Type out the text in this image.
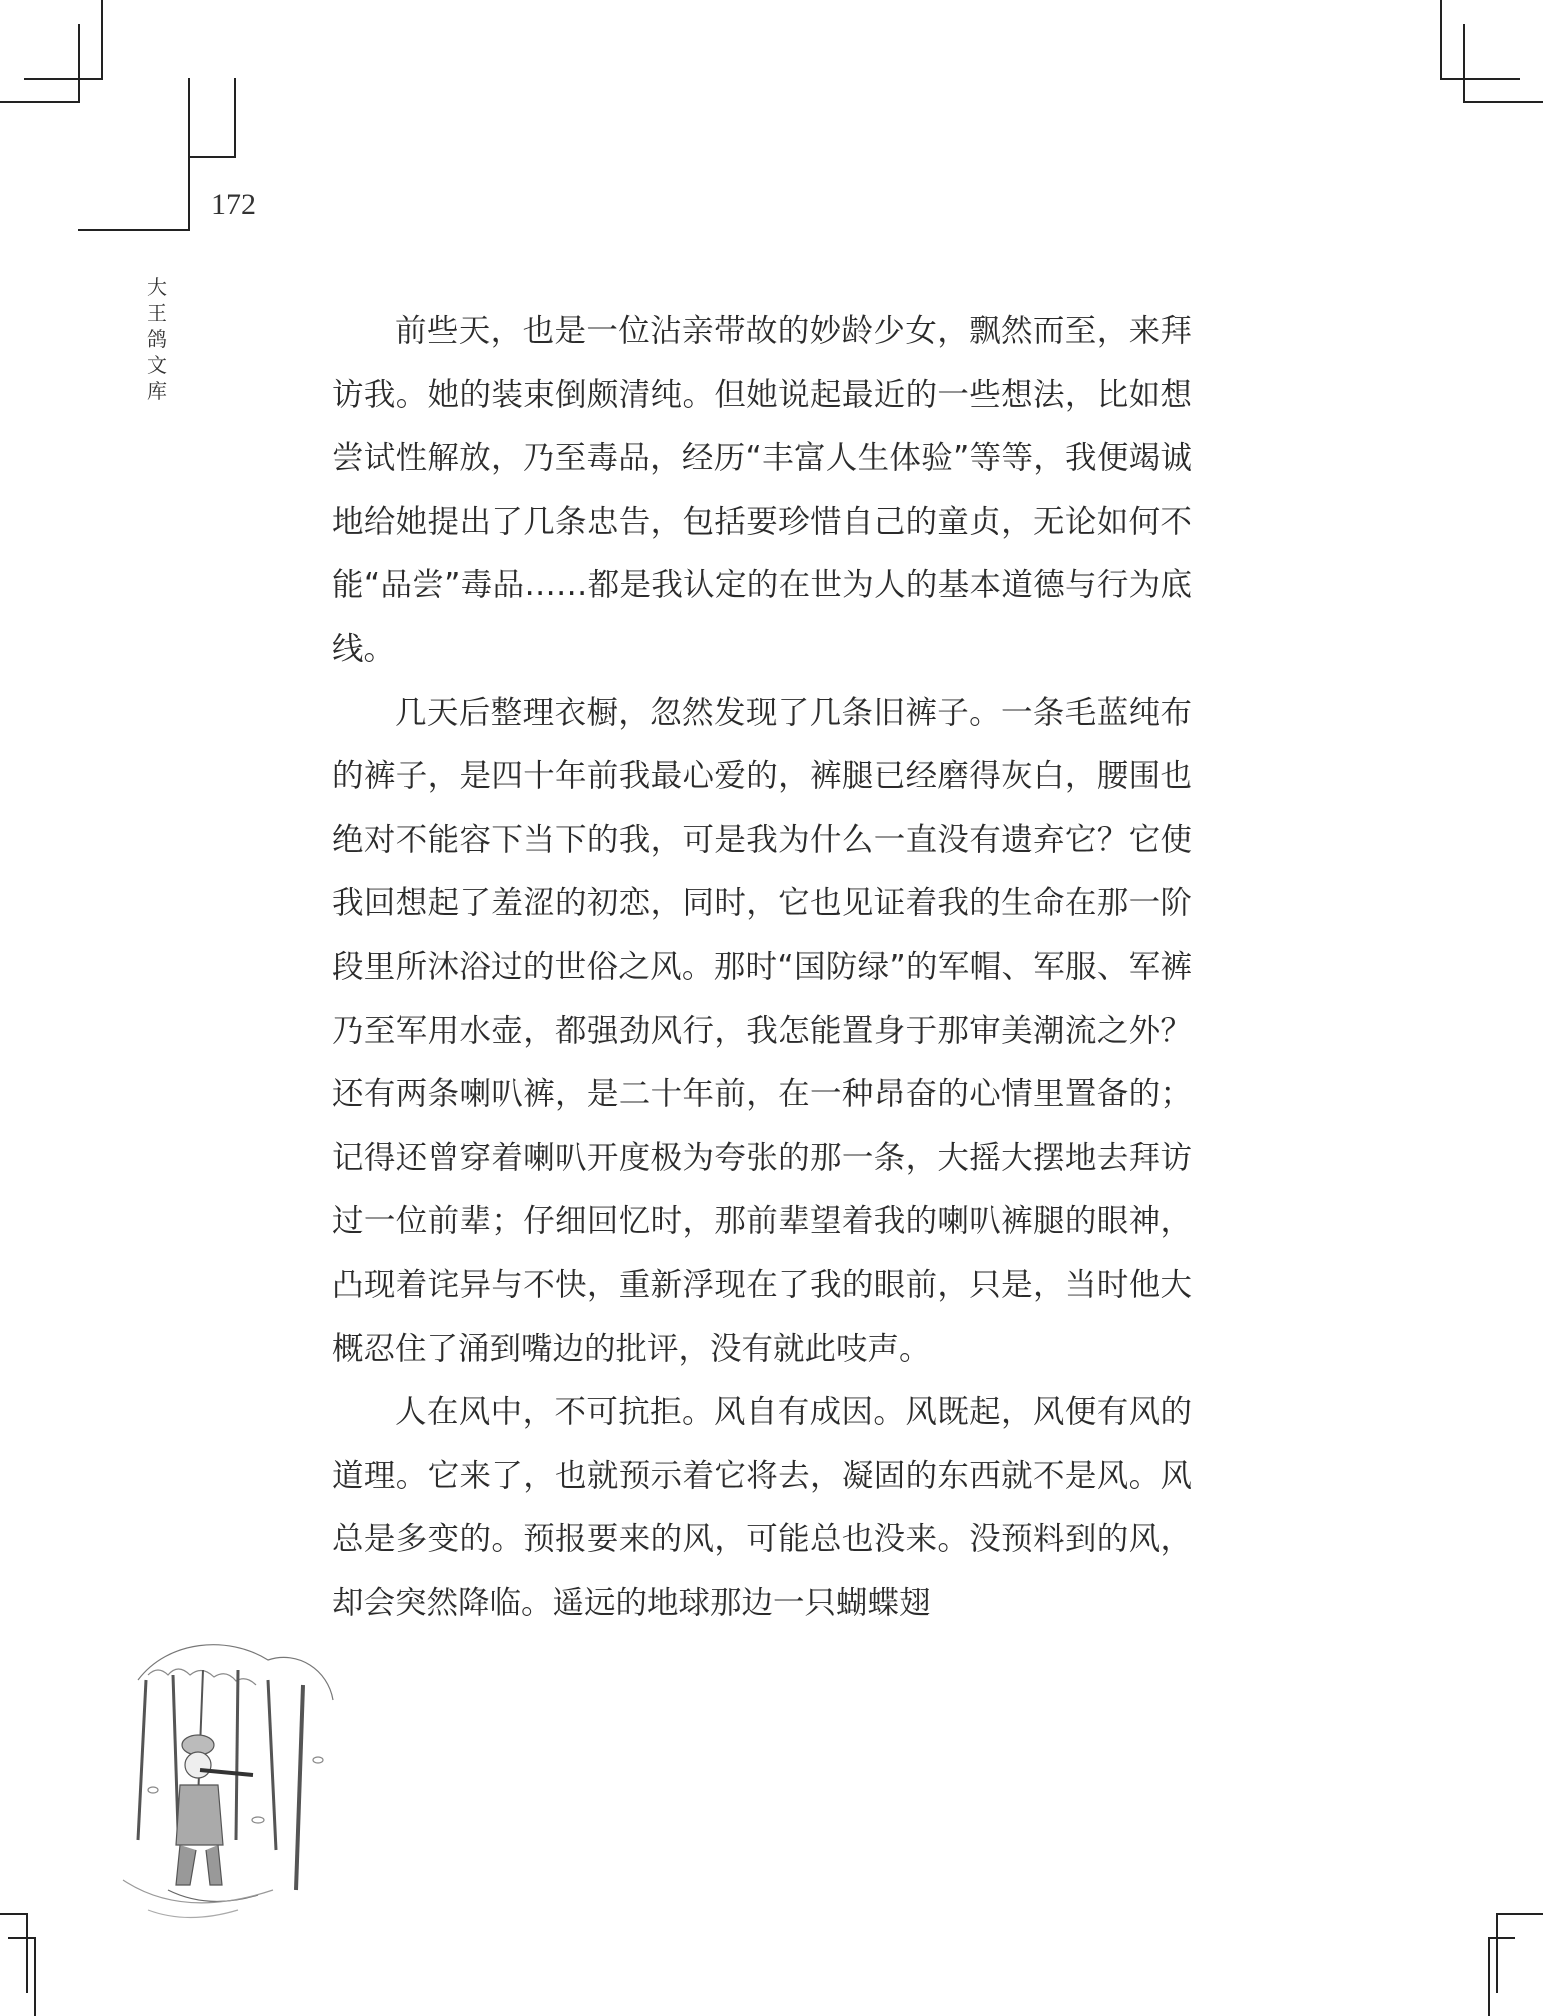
172
大
王
鸽
文
库

前些天，也是一位沾亲带故的妙龄少女，飘然而至，来拜访我。她的装束倒颇清纯。但她说起最近的一些想法，比如想尝试性解放，乃至毒品，经历“丰富人生体验”等等，我便竭诚地给她提出了几条忠告，包括要珍惜自己的童贞，无论如何不能“品尝”毒品……都是我认定的在世为人的基本道德与行为底线。

几天后整理衣橱，忽然发现了几条旧裤子。一条毛蓝纯布的裤子，是四十年前我最心爱的，裤腿已经磨得灰白，腰围也绝对不能容下当下的我，可是我为什么一直没有遗弃它？它使我回想起了羞涩的初恋，同时，它也见证着我的生命在那一阶段里所沐浴过的世俗之风。那时“国防绿”的军帽、军服、军裤乃至军用水壶，都强劲风行，我怎能置身于那审美潮流之外？还有两条喇叭裤，是二十年前，在一种昂奋的心情里置备的；记得还曾穿着喇叭开度极为夸张的那一条，大摇大摆地去拜访过一位前辈；仔细回忆时，那前辈望着我的喇叭裤腿的眼神，凸现着诧异与不快，重新浮现在了我的眼前，只是，当时他大概忍住了涌到嘴边的批评，没有就此吱声。

人在风中，不可抗拒。风自有成因。风既起，风便有风的道理。它来了，也就预示着它将去，凝固的东西就不是风。风总是多变的。预报要来的风，可能总也没来。没预料到的风，却会突然降临。遥远的地球那边一只蝴蝶翅
